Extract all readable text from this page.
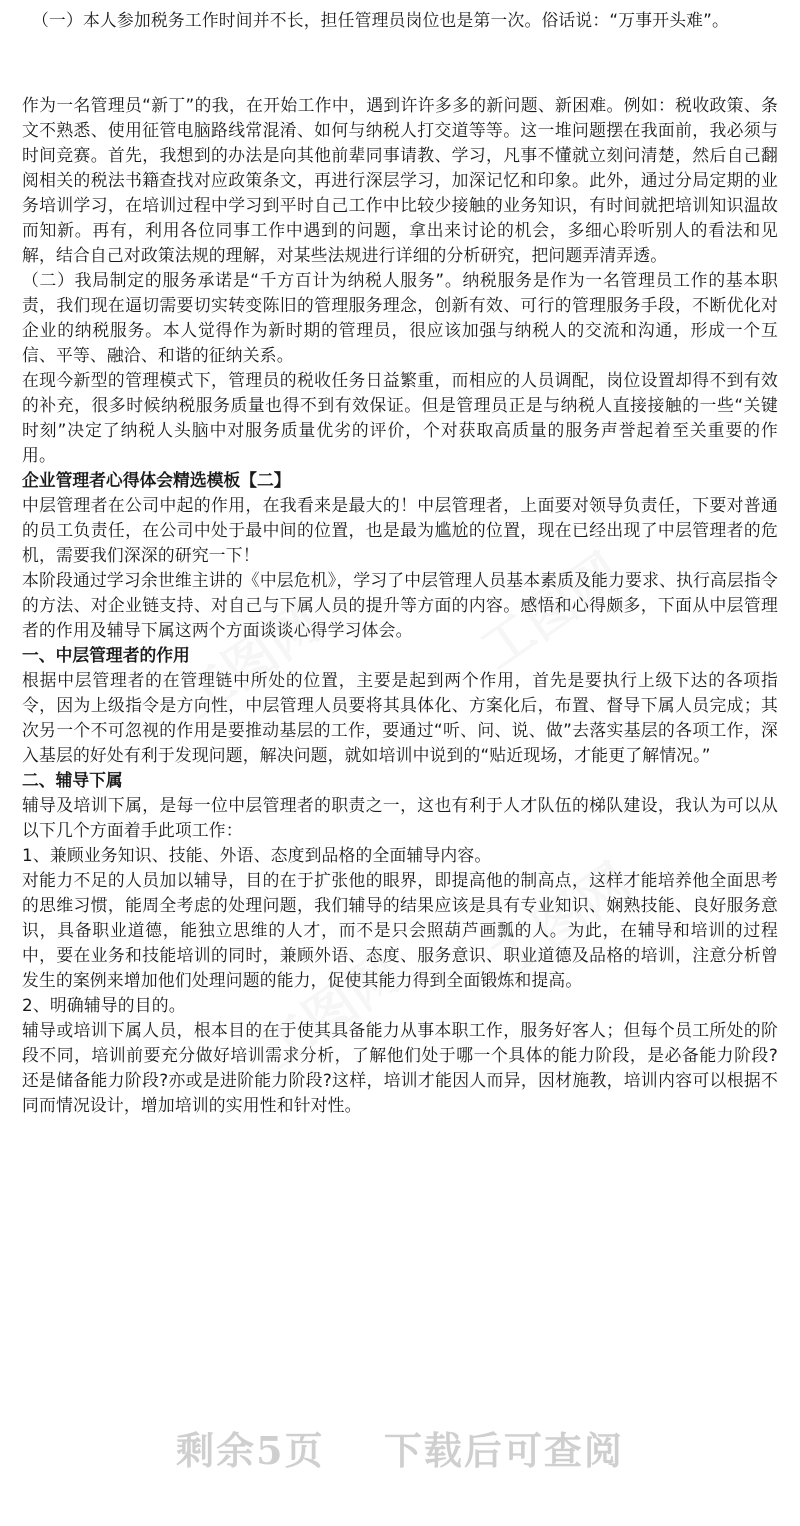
（一）本人参加税务工作时间并不长，担任管理员岗位也是第一次。俗话说：“万事开头难”。

作为一名管理员“新丁”的我，在开始工作中，遇到许许多多的新问题、新困难。例如：税收政策、条文不熟悉、使用征管电脑路线常混淆、如何与纳税人打交道等等。这一堆问题摆在我面前，我必须与时间竞赛。首先，我想到的办法是向其他前辈同事请教、学习，凡事不懂就立刻问清楚，然后自己翻阅相关的税法书籍查找对应政策条文，再进行深层学习，加深记忆和印象。此外，通过分局定期的业务培训学习，在培训过程中学习到平时自己工作中比较少接触的业务知识，有时间就把培训知识温故而知新。再有，利用各位同事工作中遇到的问题，拿出来讨论的机会，多细心聆听别人的看法和见解，结合自己对政策法规的理解，对某些法规进行详细的分析研究，把问题弄清弄透。

（二）我局制定的服务承诺是“千方百计为纳税人服务”。纳税服务是作为一名管理员工作的基本职责，我们现在逼切需要切实转变陈旧的管理服务理念，创新有效、可行的管理服务手段，不断优化对企业的纳税服务。本人觉得作为新时期的管理员，很应该加强与纳税人的交流和沟通，形成一个互信、平等、融洽、和谐的征纳关系。

在现今新型的管理模式下，管理员的税收任务日益繁重，而相应的人员调配，岗位设置却得不到有效的补充，很多时候纳税服务质量也得不到有效保证。但是管理员正是与纳税人直接接触的一些“关键时刻”决定了纳税人头脑中对服务质量优劣的评价，个对获取高质量的服务声誉起着至关重要的作用。

企业管理者心得体会精选模板【二】

中层管理者在公司中起的作用，在我看来是最大的！中层管理者，上面要对领导负责任，下要对普通的员工负责任，在公司中处于最中间的位置，也是最为尴尬的位置，现在已经出现了中层管理者的危机，需要我们深深的研究一下！

本阶段通过学习余世维主讲的《中层危机》，学习了中层管理人员基本素质及能力要求、执行高层指令的方法、对企业链支持、对自己与下属人员的提升等方面的内容。感悟和心得颇多，下面从中层管理者的作用及辅导下属这两个方面谈谈心得学习体会。

一、中层管理者的作用

根据中层管理者的在管理链中所处的位置，主要是起到两个作用，首先是要执行上级下达的各项指令，因为上级指令是方向性，中层管理人员要将其具体化、方案化后，布置、督导下属人员完成；其次另一个不可忽视的作用是要推动基层的工作，要通过“听、问、说、做”去落实基层的各项工作，深入基层的好处有利于发现问题，解决问题，就如培训中说到的“贴近现场，才能更了解情况。”

二、辅导下属

辅导及培训下属，是每一位中层管理者的职责之一，这也有利于人才队伍的梯队建设，我认为可以从以下几个方面着手此项工作：

1、兼顾业务知识、技能、外语、态度到品格的全面辅导内容。

对能力不足的人员加以辅导，目的在于扩张他的眼界，即提高他的制高点，这样才能培养他全面思考的思维习惯，能周全考虑的处理问题，我们辅导的结果应该是具有专业知识、娴熟技能、良好服务意识，具备职业道德，能独立思维的人才，而不是只会照葫芦画瓢的人。为此，在辅导和培训的过程中，要在业务和技能培训的同时，兼顾外语、态度、服务意识、职业道德及品格的培训，注意分析曾发生的案例来增加他们处理问题的能力，促使其能力得到全面锻炼和提高。

2、明确辅导的目的。

辅导或培训下属人员，根本目的在于使其具备能力从事本职工作，服务好客人；但每个员工所处的阶段不同，培训前要充分做好培训需求分析，了解他们处于哪一个具体的能力阶段，是必备能力阶段?还是储备能力阶段?亦或是进阶能力阶段?这样，培训才能因人而异，因材施教，培训内容可以根据不同而情况设计，增加培训的实用性和针对性。

剩余5页 下载后可查阅
